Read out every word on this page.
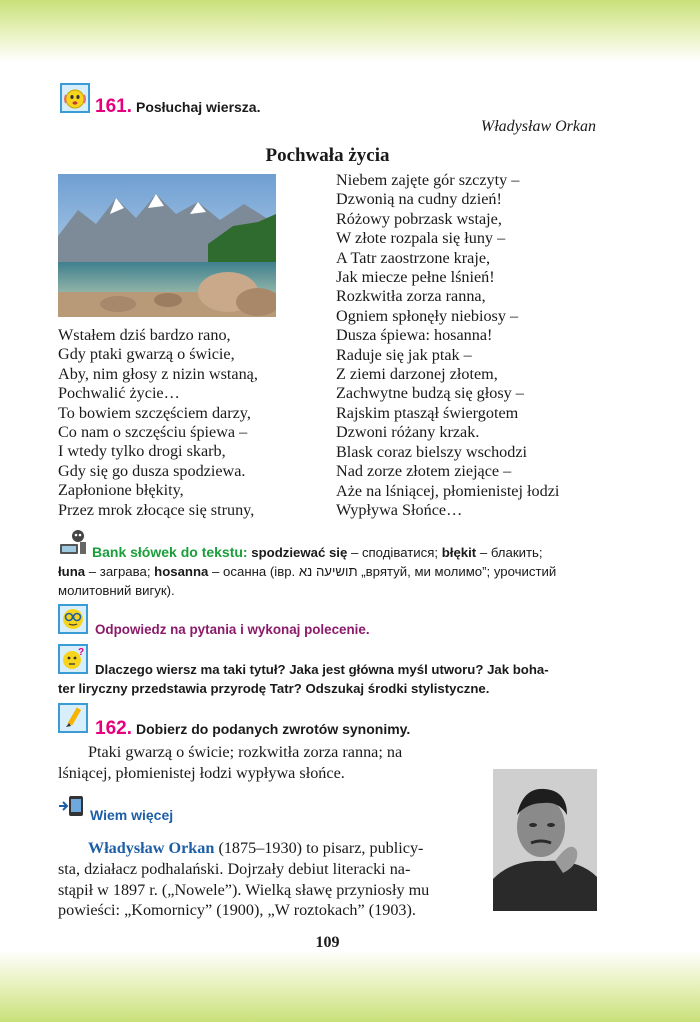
161. Posłuchaj wiersza.
Władysław Orkan
Pochwała życia
Wstałem dziś bardzo rano,
Gdy ptaki gwarzą o świcie,
Aby, nim głosy z nizin wstaną,
Pochwalić życie…
To bowiem szczęściem darzy,
Co nam o szczęściu śpiewa –
I wtedy tylko drogi skarb,
Gdy się go dusza spodziewa.
Zapłonione błękity,
Przez mrok złocące się struny,
Niebem zajęte gór szczyty –
Dzwonią na cudny dzień!
Różowy pobrzask wstaje,
W złote rozpala się łuny –
A Tatr zaostrzone kraje,
Jak miecze pełne lśnień!
Rozkwitła zorza ranna,
Ogniem spłonęły niebiosy –
Dusza śpiewa: hosanna!
Raduje się jak ptak –
Z ziemi darzonej złotem,
Zachwytne budzą się głosy –
Rajskim ptaszął świergotem
Dzwoni różany krzak.
Blask coraz bielszy wschodzi
Nad zorze złotem ziejące –
Aże na lśniącej, płomienistej łodzi
Wypływa Słońce…
Bank słówek do tekstu: spodziewać się – сподіватися; błękit – блакить;
łuna – заграва; hosanna – осанна (івр. תושיעה נא „врятуй, ми молимо”; урочистий
молитовний вигук).
Odpowiedz na pytania i wykonaj polecenie.
?
Dlaczego wiersz ma taki tytuł? Jaka jest główna myśl utworu? Jak boha-
ter liryczny przedstawia przyrodę Tatr? Odszukaj środki stylistyczne.
162. Dobierz do podanych zwrotów synonimy.
Ptaki gwarzą o świcie; rozkwitła zorza ranna; na
lśniącej, płomienistej łodzi wypływa słońce.
Wiem więcej
Władysław Orkan (1875–1930) to pisarz, publicy-
sta, działacz podhalański. Dojrzały debiut literacki na-
stąpił w 1897 r. („Nowele”). Wielką sławę przyniosły mu
powieści: „Komornicy” (1900), „W roztokach” (1903).
109
